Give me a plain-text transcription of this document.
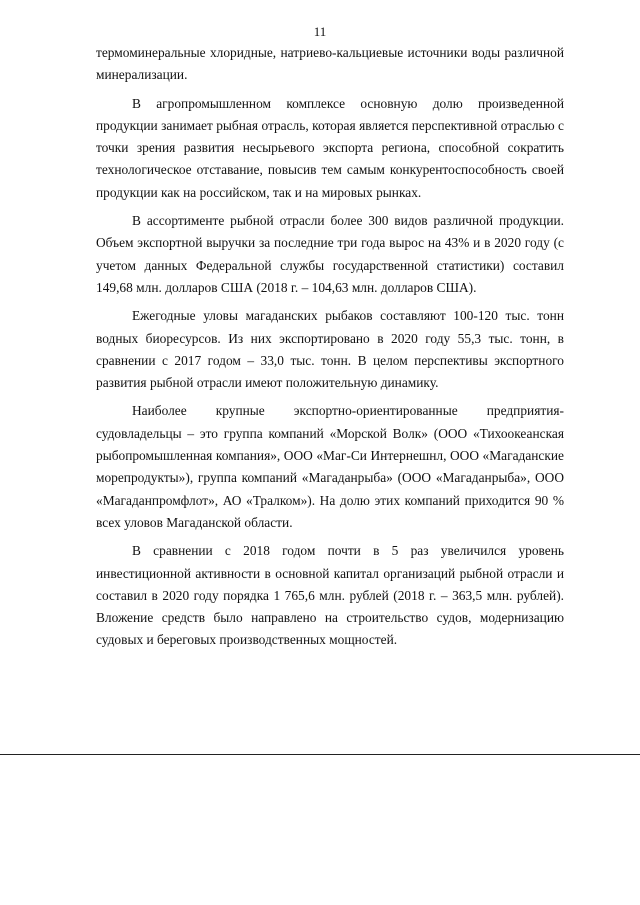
11

термоминеральные хлоридные, натриево-кальциевые источники воды различной минерализации.

В агропромышленном комплексе основную долю произведенной продукции занимает рыбная отрасль, которая является перспективной отраслью с точки зрения развития несырьевого экспорта региона, способной сократить технологическое отставание, повысив тем самым конкурентоспособность своей продукции как на российском, так и на мировых рынках.

В ассортименте рыбной отрасли более 300 видов различной продукции. Объем экспортной выручки за последние три года вырос на 43% и в 2020 году (с учетом данных Федеральной службы государственной статистики) составил 149,68 млн. долларов США (2018 г. – 104,63 млн. долларов США).

Ежегодные уловы магаданских рыбаков составляют 100-120 тыс. тонн водных биоресурсов. Из них экспортировано в 2020 году 55,3 тыс. тонн, в сравнении с 2017 годом – 33,0 тыс. тонн. В целом перспективы экспортного развития рыбной отрасли имеют положительную динамику.

Наиболее крупные экспортно-ориентированные предприятия-судовладельцы – это группа компаний «Морской Волк» (ООО «Тихоокеанская рыбопромышленная компания», ООО «Маг-Си Интернешнл, ООО «Магаданские морепродукты»), группа компаний «Магаданрыба» (ООО «Магаданрыба», ООО «Магаданпромфлот», АО «Тралком»). На долю этих компаний приходится 90 % всех уловов Магаданской области.

В сравнении с 2018 годом почти в 5 раз увеличился уровень инвестиционной активности в основной капитал организаций рыбной отрасли и составил в 2020 году порядка 1 765,6 млн. рублей (2018 г. – 363,5 млн. рублей). Вложение средств было направлено на строительство судов, модернизацию судовых и береговых производственных мощностей.
